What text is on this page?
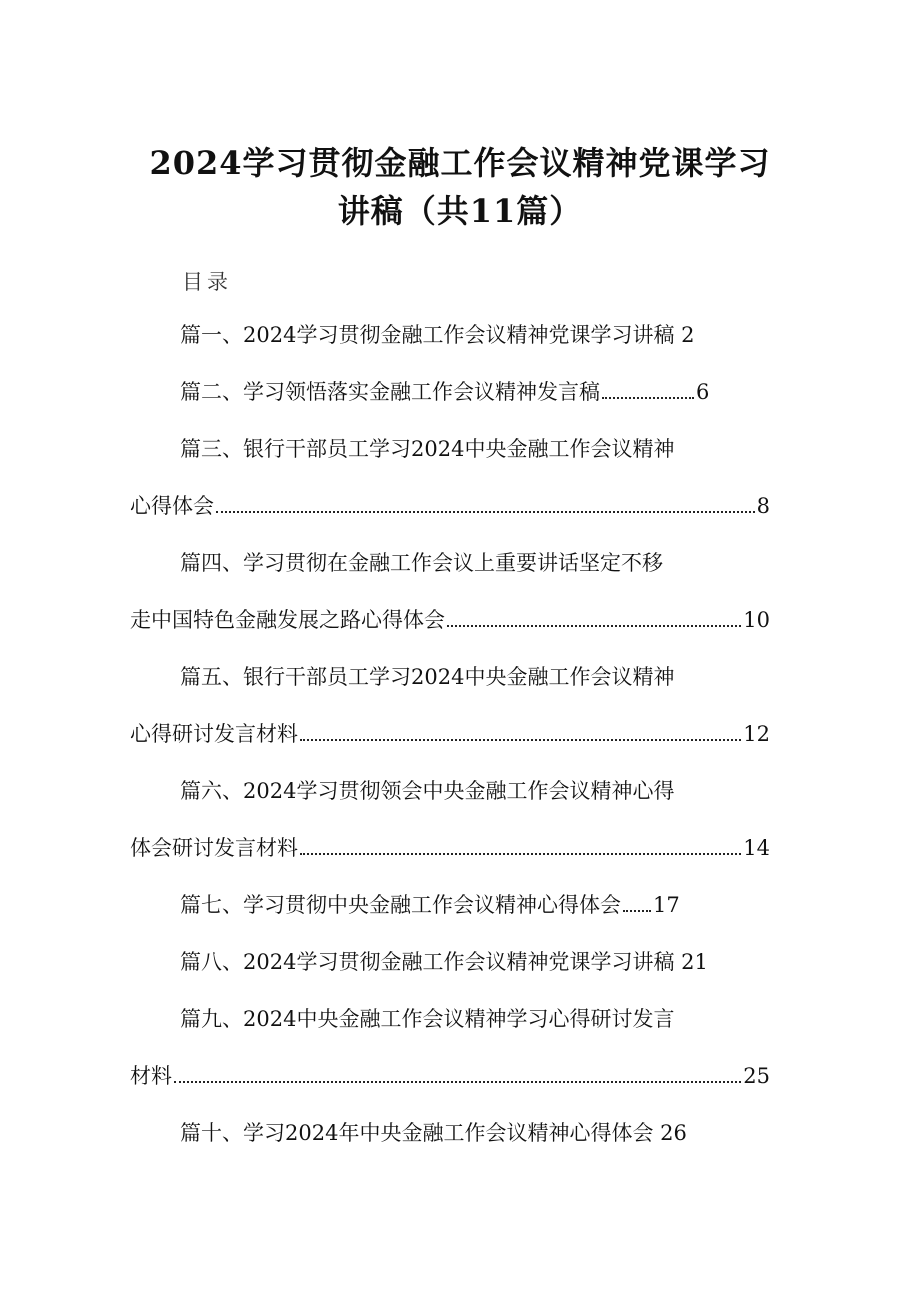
2024学习贯彻金融工作会议精神党课学习
讲稿（共11篇）
目录
篇一、2024学习贯彻金融工作会议精神党课学习讲稿 2
篇二、学习领悟落实金融工作会议精神发言稿	6
篇三、银行干部员工学习2024中央金融工作会议精神
心得体会	8
篇四、学习贯彻在金融工作会议上重要讲话坚定不移
走中国特色金融发展之路心得体会	10
篇五、银行干部员工学习2024中央金融工作会议精神
心得研讨发言材料	12
篇六、2024学习贯彻领会中央金融工作会议精神心得
体会研讨发言材料	14
篇七、学习贯彻中央金融工作会议精神心得体会 17
篇八、2024学习贯彻金融工作会议精神党课学习讲稿 21
篇九、2024中央金融工作会议精神学习心得研讨发言
材料	25
篇十、学习2024年中央金融工作会议精神心得体会 26
